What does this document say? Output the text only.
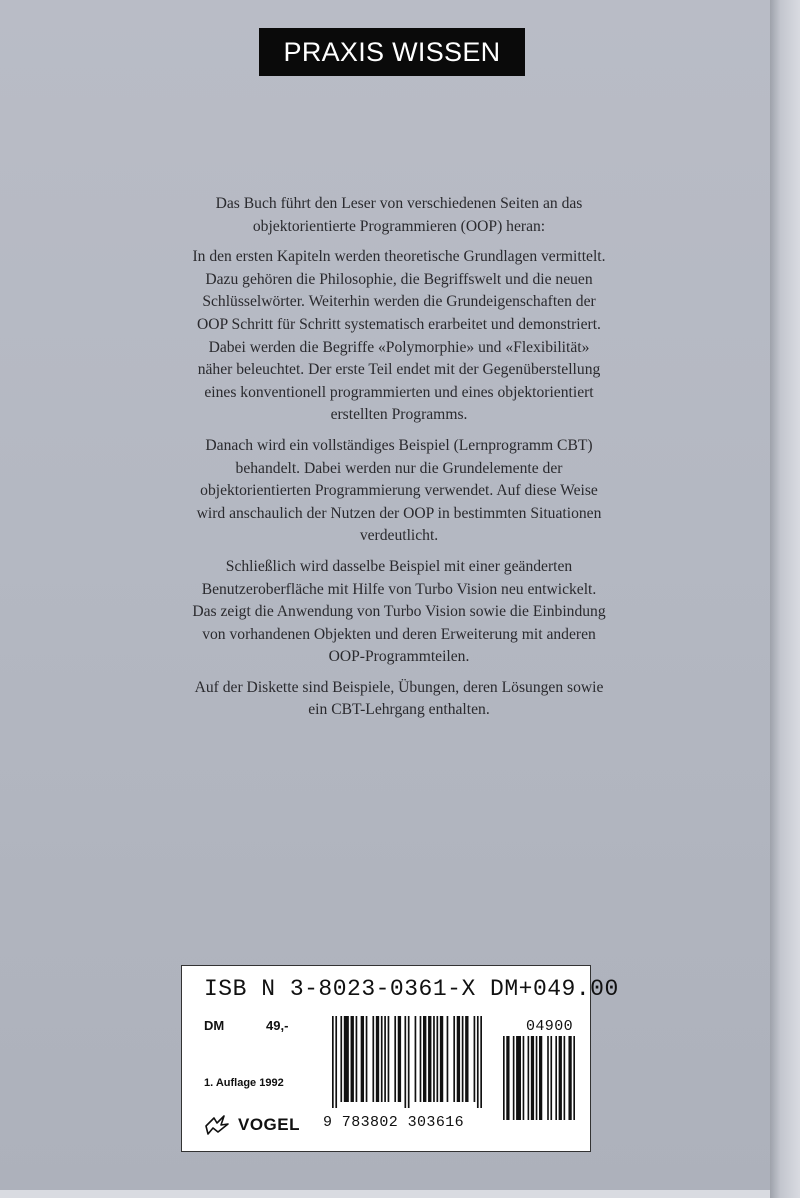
PRAXIS WISSEN

Das Buch führt den Leser von verschiedenen Seiten an das objektorientierte Programmieren (OOP) heran:

In den ersten Kapiteln werden theoretische Grundlagen vermittelt. Dazu gehören die Philosophie, die Begriffswelt und die neuen Schlüsselwörter. Weiterhin werden die Grundeigenschaften der OOP Schritt für Schritt systematisch erarbeitet und demonstriert. Dabei werden die Begriffe «Polymorphie» und «Flexibilität» näher beleuchtet. Der erste Teil endet mit der Gegenüberstellung eines konventionell programmierten und eines objektorientiert erstellten Programms.

Danach wird ein vollständiges Beispiel (Lernprogramm CBT) behandelt. Dabei werden nur die Grundelemente der objektorientierten Programmierung verwendet. Auf diese Weise wird anschaulich der Nutzen der OOP in bestimmten Situationen verdeutlicht.

Schließlich wird dasselbe Beispiel mit einer geänderten Benutzeroberfläche mit Hilfe von Turbo Vision neu entwickelt. Das zeigt die Anwendung von Turbo Vision sowie die Einbindung von vorhandenen Objekten und deren Erweiterung mit anderen OOP-Programmteilen.

Auf der Diskette sind Beispiele, Übungen, deren Lösungen sowie ein CBT-Lehrgang enthalten.

ISB N 3-8023-0361-X DM+049.00
DM	49,-
1. Auflage 1992
VOGEL 9 783802 303616
04900
